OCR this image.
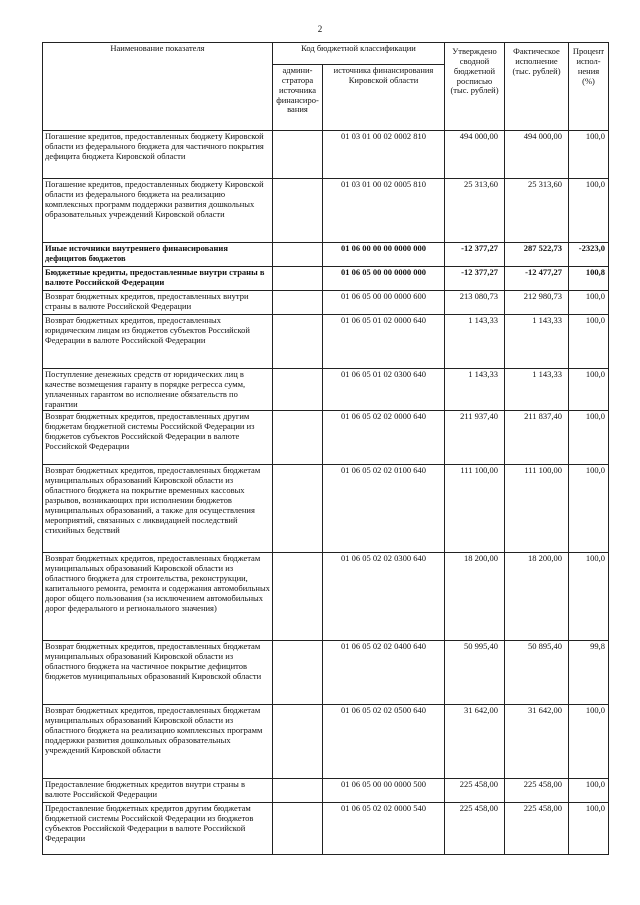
2
Наименование показателя	Код бюджетной классификации		Утверждено сводной бюджетной росписью (тыс. рублей)	Фактическое исполнение (тыс. рублей)	Процент испол-нения (%)
	админи-стратора источника финансиро-вания	источника финансирования Кировской области			
Погашение кредитов, предоставленных бюджету Кировской области из федерального бюджета для частичного покрытия дефицита бюджета Кировской области		01 03 01 00 02 0002 810	494 000,00	494 000,00	100,0
Погашение кредитов, предоставленных бюджету Кировской области из федерального бюджета на реализацию комплексных программ поддержки развития дошкольных образовательных учреждений Кировской области		01 03 01 00 02 0005 810	25 313,60	25 313,60	100,0
Иные источники внутреннего финансирования дефицитов бюджетов		01 06 00 00 00 0000 000	-12 377,27	287 522,73	-2323,0
Бюджетные кредиты, предоставленные внутри страны в валюте Российской Федерации		01 06 05 00 00 0000 000	-12 377,27	-12 477,27	100,8
Возврат бюджетных кредитов, предоставленных внутри страны в валюте Российской Федерации		01 06 05 00 00 0000 600	213 080,73	212 980,73	100,0
Возврат бюджетных кредитов, предоставленных юридическим лицам из бюджетов субъектов Российской Федерации в валюте Российской Федерации		01 06 05 01 02 0000 640	1 143,33	1 143,33	100,0
Поступление денежных средств от юридических лиц в качестве возмещения гаранту в порядке регресса сумм, уплаченных гарантом во исполнение обязательств по гарантии		01 06 05 01 02 0300 640	1 143,33	1 143,33	100,0
Возврат бюджетных кредитов, предоставленных другим бюджетам бюджетной системы Российской Федерации из бюджетов субъектов Российской Федерации в валюте Российской Федерации		01 06 05 02 02 0000 640	211 937,40	211 837,40	100,0
Возврат бюджетных кредитов, предоставленных бюджетам муниципальных образований Кировской области из областного бюджета на покрытие временных кассовых разрывов, возникающих при исполнении бюджетов муниципальных образований, а также для осуществления мероприятий, связанных с ликвидацией последствий стихийных бедствий		01 06 05 02 02 0100 640	111 100,00	111 100,00	100,0
Возврат бюджетных кредитов, предоставленных бюджетам муниципальных образований Кировской области из областного бюджета для строительства, реконструкции, капитального ремонта, ремонта и содержания автомобильных дорог общего пользования (за исключением автомобильных дорог федерального и регионального значения)		01 06 05 02 02 0300 640	18 200,00	18 200,00	100,0
Возврат бюджетных кредитов, предоставленных бюджетам муниципальных образований Кировской области из областного бюджета на частичное покрытие дефицитов бюджетов муниципальных образований Кировской области		01 06 05 02 02 0400 640	50 995,40	50 895,40	99,8
Возврат бюджетных кредитов, предоставленных бюджетам муниципальных образований Кировской области из областного бюджета на реализацию комплексных программ поддержки развития дошкольных образовательных учреждений Кировской области		01 06 05 02 02 0500 640	31 642,00	31 642,00	100,0
Предоставление бюджетных кредитов внутри страны в валюте Российской Федерации		01 06 05 00 00 0000 500	225 458,00	225 458,00	100,0
Предоставление бюджетных кредитов другим бюджетам бюджетной системы Российской Федерации из бюджетов субъектов Российской Федерации в валюте Российской Федерации		01 06 05 02 02 0000 540	225 458,00	225 458,00	100,0
